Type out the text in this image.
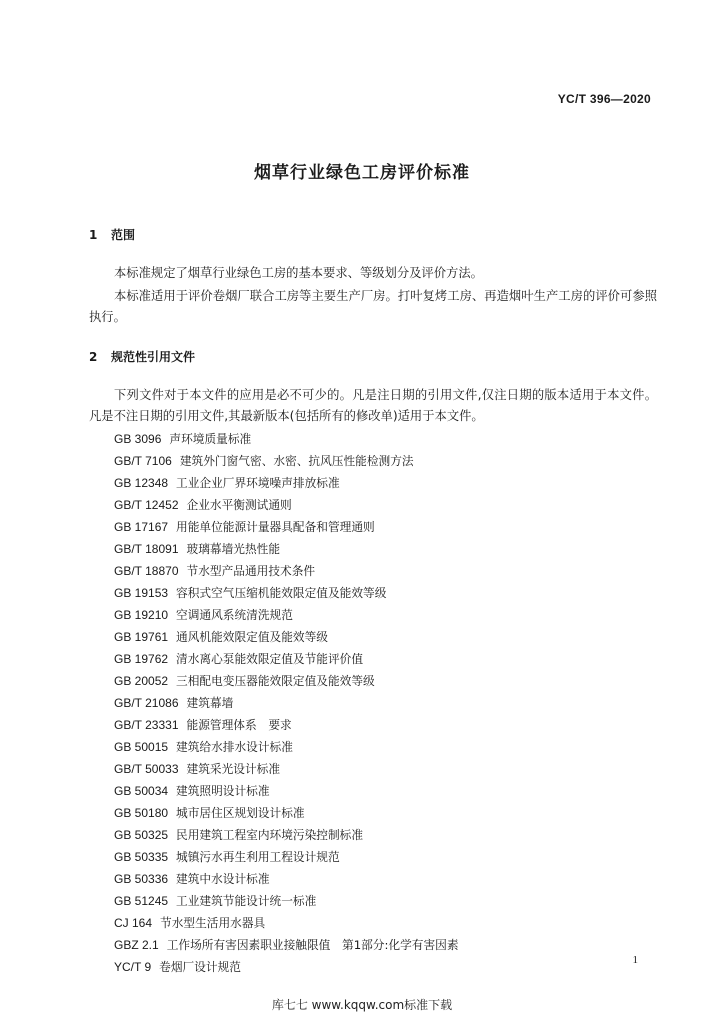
YC/T 396—2020
烟草行业绿色工房评价标准
1 范围

本标准规定了烟草行业绿色工房的基本要求、等级划分及评价方法。

本标准适用于评价卷烟厂联合工房等主要生产厂房。打叶复烤工房、再造烟叶生产工房的评价可参照执行。

2 规范性引用文件

下列文件对于本文件的应用是必不可少的。凡是注日期的引用文件,仅注日期的版本适用于本文件。凡是不注日期的引用文件,其最新版本(包括所有的修改单)适用于本文件。

GB 3096 声环境质量标准
GB/T 7106 建筑外门窗气密、水密、抗风压性能检测方法
GB 12348 工业企业厂界环境噪声排放标准
GB/T 12452 企业水平衡测试通则
GB 17167 用能单位能源计量器具配备和管理通则
GB/T 18091 玻璃幕墙光热性能
GB/T 18870 节水型产品通用技术条件
GB 19153 容积式空气压缩机能效限定值及能效等级
GB 19210 空调通风系统清洗规范
GB 19761 通风机能效限定值及能效等级
GB 19762 清水离心泵能效限定值及节能评价值
GB 20052 三相配电变压器能效限定值及能效等级
GB/T 21086 建筑幕墙
GB/T 23331 能源管理体系　要求
GB 50015 建筑给水排水设计标准
GB/T 50033 建筑采光设计标准
GB 50034 建筑照明设计标准
GB 50180 城市居住区规划设计标准
GB 50325 民用建筑工程室内环境污染控制标准
GB 50335 城镇污水再生利用工程设计规范
GB 50336 建筑中水设计标准
GB 51245 工业建筑节能设计统一标准
CJ 164 节水型生活用水器具
GBZ 2.1 工作场所有害因素职业接触限值　第1部分:化学有害因素
YC/T 9 卷烟厂设计规范	1
库七七 www.kqqw.com标准下载
